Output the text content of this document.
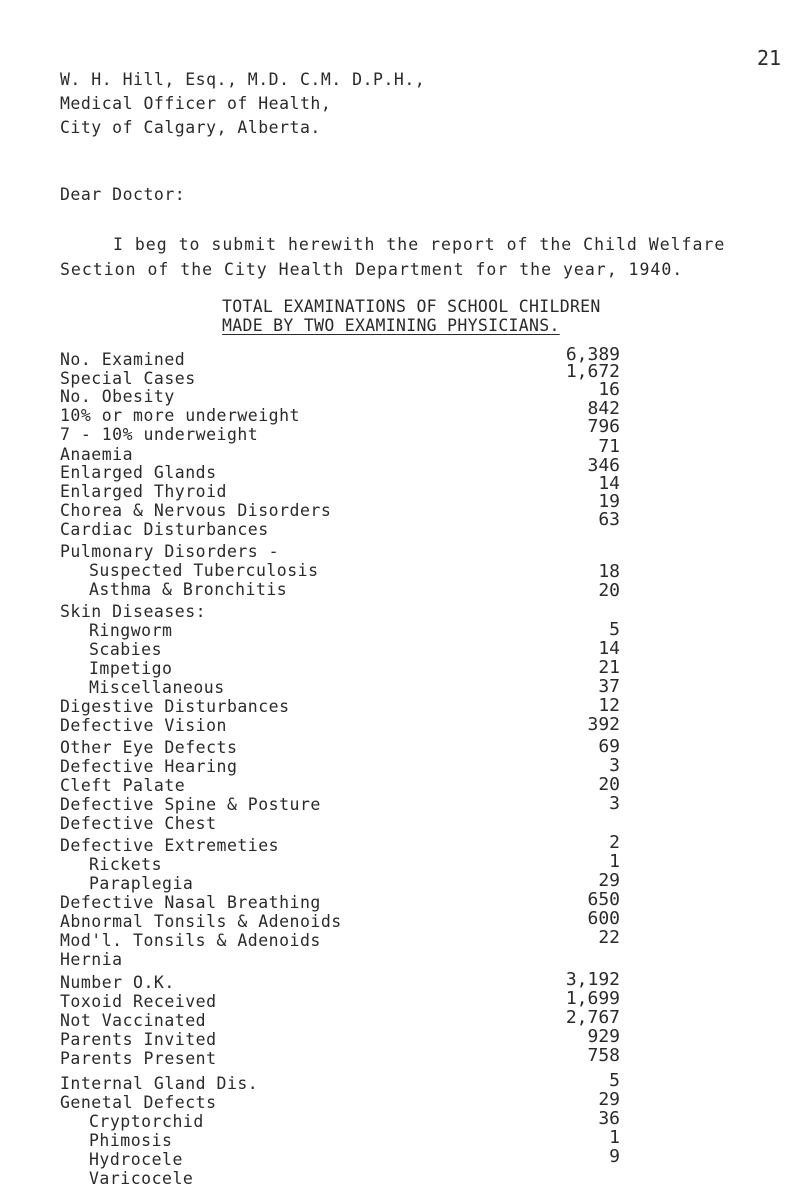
21
W. H. Hill, Esq., M.D. C.M. D.P.H.,
Medical Officer of Health,
City of Calgary, Alberta.
Dear Doctor:
I beg to submit herewith the report of the Child Welfare
Section of the City Health Department for the year, 1940.
TOTAL EXAMINATIONS OF SCHOOL CHILDREN
MADE BY TWO EXAMINING PHYSICIANS.
No. Examined	6,389
Special Cases	1,672
No. Obesity	16
10% or more underweight	842
7 - 10% underweight	796
Anaemia	71
Enlarged Glands	346
Enlarged Thyroid	14
Chorea & Nervous Disorders	19
Cardiac Disturbances	63
Pulmonary Disorders -
Suspected Tuberculosis	18
Asthma & Bronchitis	20
Skin Diseases:
Ringworm	5
Scabies	14
Impetigo	21
Miscellaneous	37
Digestive Disturbances	12
Defective Vision	392
Other Eye Defects	69
Defective Hearing	3
Cleft Palate	20
Defective Spine & Posture	3
Defective Chest
Defective Extremeties	2
Rickets	1
Paraplegia	29
Defective Nasal Breathing	650
Abnormal Tonsils & Adenoids	600
Mod'l. Tonsils & Adenoids	22
Hernia
Number O.K.	3,192
Toxoid Received	1,699
Not Vaccinated	2,767
Parents Invited	929
Parents Present	758
Internal Gland Dis.	5
Genetal Defects	29
Cryptorchid	36
Phimosis	1
Hydrocele	9
Varicocele
